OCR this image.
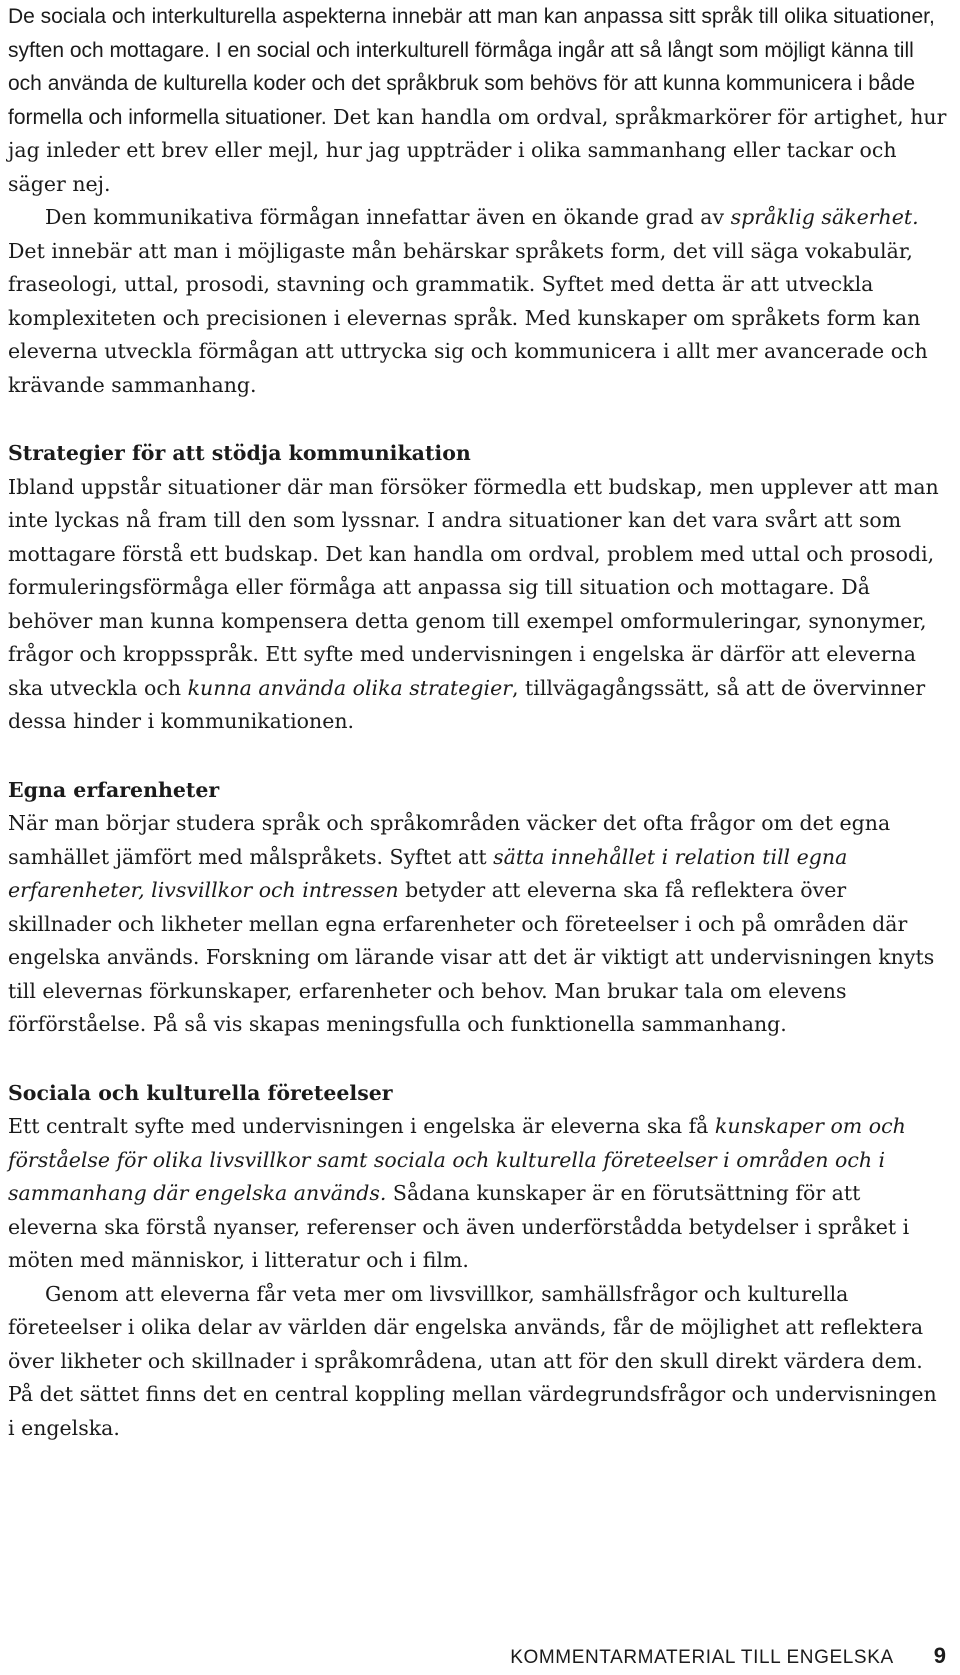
De sociala och interkulturella aspekterna innebär att man kan anpassa sitt språk till olika situationer, syften och mottagare. I en social och interkulturell förmåga ingår att så långt som möjligt känna till och använda de kulturella koder och det språkbruk som behövs för att kunna kommunicera i både formella och informella situationer. Det kan handla om ordval, språkmarkörer för artighet, hur jag inleder ett brev eller mejl, hur jag uppträder i olika sammanhang eller tackar och säger nej.

Den kommunikativa förmågan innefattar även en ökande grad av språklig säkerhet. Det innebär att man i möjligaste mån behärskar språkets form, det vill säga vokabulär, fraseologi, uttal, prosodi, stavning och grammatik. Syftet med detta är att utveckla komplexiteten och precisionen i elevernas språk. Med kunskaper om språkets form kan eleverna utveckla förmågan att uttrycka sig och kommunicera i allt mer avancerade och krävande sammanhang.

Strategier för att stödja kommunikation

Ibland uppstår situationer där man försöker förmedla ett budskap, men upplever att man inte lyckas nå fram till den som lyssnar. I andra situationer kan det vara svårt att som mottagare förstå ett budskap. Det kan handla om ordval, problem med uttal och prosodi, formuleringsförmåga eller förmåga att anpassa sig till situation och mottagare. Då behöver man kunna kompensera detta genom till exempel omformuleringar, synonymer, frågor och kroppsspråk. Ett syfte med undervisningen i engelska är därför att eleverna ska utveckla och kunna använda olika strategier, tillvägagångssätt, så att de övervinner dessa hinder i kommunikationen.

Egna erfarenheter

När man börjar studera språk och språkområden väcker det ofta frågor om det egna samhället jämfört med målspråkets. Syftet att sätta innehållet i relation till egna erfarenheter, livsvillkor och intressen betyder att eleverna ska få reflektera över skillnader och likheter mellan egna erfarenheter och företeelser i och på områden där engelska används. Forskning om lärande visar att det är viktigt att undervisningen knyts till elevernas förkunskaper, erfarenheter och behov. Man brukar tala om elevens förförståelse. På så vis skapas meningsfulla och funktionella sammanhang.

Sociala och kulturella företeelser

Ett centralt syfte med undervisningen i engelska är eleverna ska få kunskaper om och förståelse för olika livsvillkor samt sociala och kulturella företeelser i områden och i sammanhang där engelska används. Sådana kunskaper är en förutsättning för att eleverna ska förstå nyanser, referenser och även underförstådda betydelser i språket i möten med människor, i litteratur och i film.

Genom att eleverna får veta mer om livsvillkor, samhällsfrågor och kulturella företeelser i olika delar av världen där engelska används, får de möjlighet att reflektera över likheter och skillnader i språkområdena, utan att för den skull direkt värdera dem. På det sättet finns det en central koppling mellan värdegrundsfrågor och undervisningen i engelska.

KOMMENTARMATERIAL TILL ENGELSKA 9
